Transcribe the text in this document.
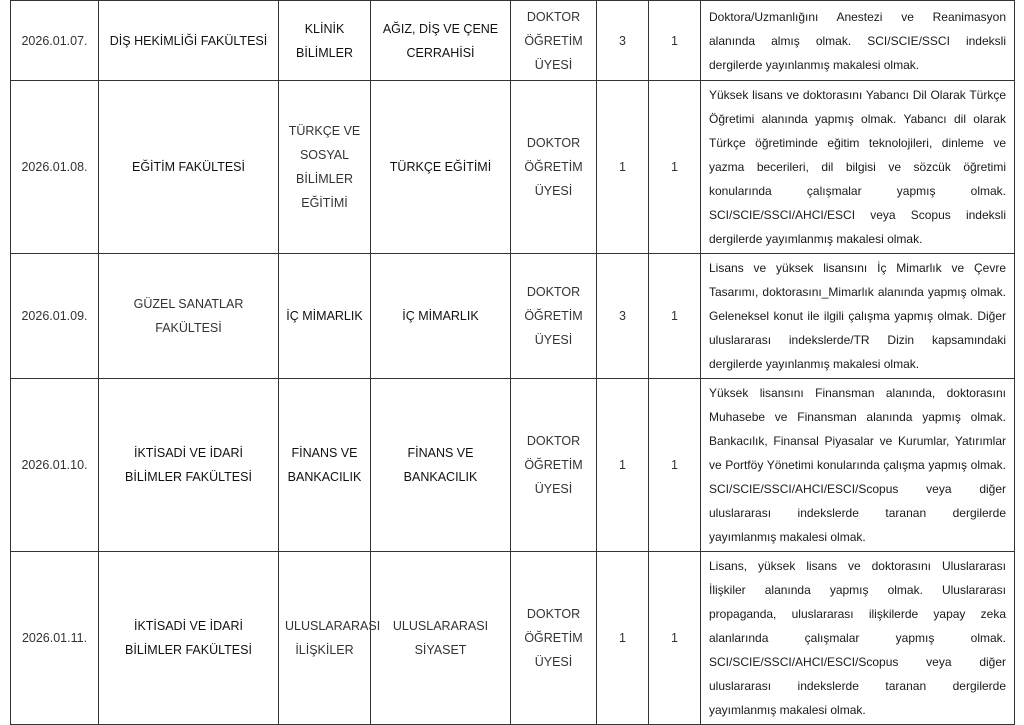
2026.01.07.	DİŞ HEKİMLİĞİ FAKÜLTESİ	KLİNİK BİLİMLER	AĞIZ, DİŞ VE ÇENE CERRAHİSİ	DOKTOR ÖĞRETİM ÜYESİ	3	1	Doktora/Uzmanlığını Anestezi ve Reanimasyon alanında almış olmak. SCI/SCIE/SSCI indeksli dergilerde yayınlanmış makalesi olmak.
2026.01.08.	EĞİTİM FAKÜLTESİ	TÜRKÇE VE SOSYAL BİLİMLER EĞİTİMİ	TÜRKÇE EĞİTİMİ	DOKTOR ÖĞRETİM ÜYESİ	1	1	Yüksek lisans ve doktorasını Yabancı Dil Olarak Türkçe Öğretimi alanında yapmış olmak. Yabancı dil olarak Türkçe öğretiminde eğitim teknolojileri, dinleme ve yazma becerileri, dil bilgisi ve sözcük öğretimi konularında çalışmalar yapmış olmak. SCI/SCIE/SSCI/AHCI/ESCI veya Scopus indeksli dergilerde yayımlanmış makalesi olmak.
2026.01.09.	GÜZEL SANATLAR FAKÜLTESİ	İÇ MİMARLIK	İÇ MİMARLIK	DOKTOR ÖĞRETİM ÜYESİ	3	1	Lisans ve yüksek lisansını İç Mimarlık ve Çevre Tasarımı, doktorasını_Mimarlık alanında yapmış olmak. Geleneksel konut ile ilgili çalışma yapmış olmak. Diğer uluslararası indekslerde/TR Dizin kapsamındaki dergilerde yayınlanmış makalesi olmak.
2026.01.10.	İKTİSADİ VE İDARİ BİLİMLER FAKÜLTESİ	FİNANS VE BANKACILIK	FİNANS VE BANKACILIK	DOKTOR ÖĞRETİM ÜYESİ	1	1	Yüksek lisansını Finansman alanında, doktorasını Muhasebe ve Finansman alanında yapmış olmak. Bankacılık, Finansal Piyasalar ve Kurumlar, Yatırımlar ve Portföy Yönetimi konularında çalışma yapmış olmak. SCI/SCIE/SSCI/AHCI/ESCI/Scopus veya diğer uluslararası indekslerde taranan dergilerde yayımlanmış makalesi olmak.
2026.01.11.	İKTİSADİ VE İDARİ BİLİMLER FAKÜLTESİ	ULUSLARARASI İLİŞKİLER	ULUSLARARASI SİYASET	DOKTOR ÖĞRETİM ÜYESİ	1	1	Lisans, yüksek lisans ve doktorasını Uluslararası İlişkiler alanında yapmış olmak. Uluslararası propaganda, uluslararası ilişkilerde yapay zeka alanlarında çalışmalar yapmış olmak. SCI/SCIE/SSCI/AHCI/ESCI/Scopus veya diğer uluslararası indekslerde taranan dergilerde yayımlanmış makalesi olmak.
